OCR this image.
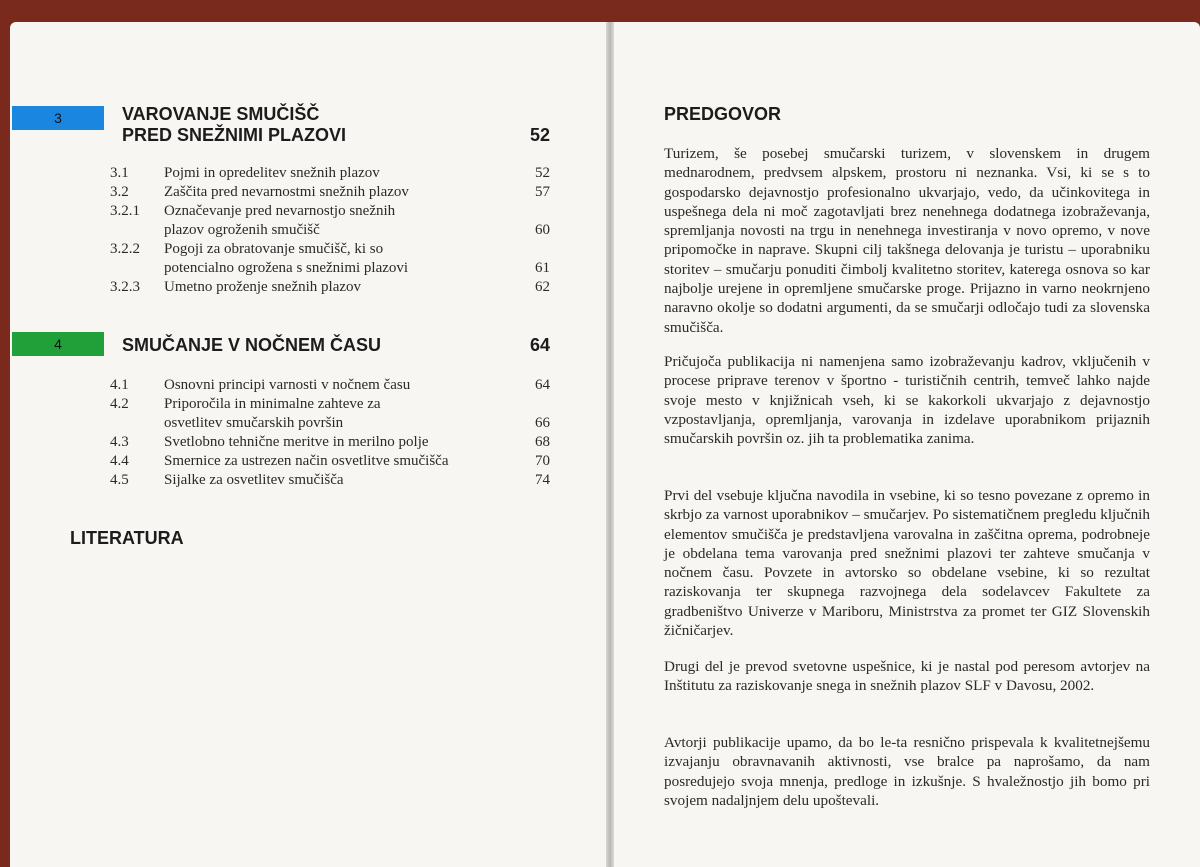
3	VAROVANJE SMUČIŠČ
PRED SNEŽNIMI PLAZOVI	52
3.1 Pojmi in opredelitev snežnih plazov	52
3.2 Zaščita pred nevarnostmi snežnih plazov	57
3.2.1 Označevanje pred nevarnostjo snežnih plazov ogroženih smučišč	60
3.2.2 Pogoji za obratovanje smučišč, ki so potencialno ogrožena s snežnimi plazovi	61
3.2.3 Umetno proženje snežnih plazov	62
4	SMUČANJE V NOČNEM ČASU	64
4.1 Osnovni principi varnosti v nočnem času	64
4.2 Priporočila in minimalne zahteve za osvetlitev smučarskih površin	66
4.3 Svetlobno tehnične meritve in merilno polje	68
4.4 Smernice za ustrezen način osvetlitve smučišča	70
4.5 Sijalke za osvetlitev smučišča	74
LITERATURA
PREDGOVOR

Turizem, še posebej smučarski turizem, v slovenskem in drugem mednarodnem, predvsem alpskem, prostoru ni neznanka. Vsi, ki se s to gospodarsko dejavnostjo profesionalno ukvarjajo, vedo, da učinkovitega in uspešnega dela ni moč zagotavljati brez nenehnega dodatnega izobraževanja, spremljanja novosti na trgu in nenehnega investiranja v novo opremo, v nove pripomočke in naprave. Skupni cilj takšnega delovanja je turistu – uporabniku storitev – smučarju ponuditi čimbolj kvalitetno storitev, katerega osnova so kar najbolje urejene in opremljene smučarske proge. Prijazno in varno neokrnjeno naravno okolje so dodatni argumenti, da se smučarji odločajo tudi za slovenska smučišča.

Pričujoča publikacija ni namenjena samo izobraževanju kadrov, vključenih v procese priprave terenov v športno - turističnih centrih, temveč lahko najde svoje mesto v knjižnicah vseh, ki se kakorkoli ukvarjajo z dejavnostjo vzpostavljanja, opremljanja, varovanja in izdelave uporabnikom prijaznih smučarskih površin oz. jih ta problematika zanima.

Prvi del vsebuje ključna navodila in vsebine, ki so tesno povezane z opremo in skrbjo za varnost uporabnikov – smučarjev. Po sistematičnem pregledu ključnih elementov smučišča je predstavljena varovalna in zaščitna oprema, podrobneje je obdelana tema varovanja pred snežnimi plazovi ter zahteve smučanja v nočnem času. Povzete in avtorsko so obdelane vsebine, ki so rezultat raziskovanja ter skupnega razvojnega dela sodelavcev Fakultete za gradbeništvo Univerze v Mariboru, Ministrstva za promet ter GIZ Slovenskih žičničarjev.

Drugi del je prevod svetovne uspešnice, ki je nastal pod peresom avtorjev na Inštitutu za raziskovanje snega in snežnih plazov SLF v Davosu, 2002.

Avtorji publikacije upamo, da bo le-ta resnično prispevala k kvalitetnejšemu izvajanju obravnavanih aktivnosti, vse bralce pa naprošamo, da nam posredujejo svoja mnenja, predloge in izkušnje. S hvaležnostjo jih bomo pri svojem nadaljnjem delu upoštevali.
